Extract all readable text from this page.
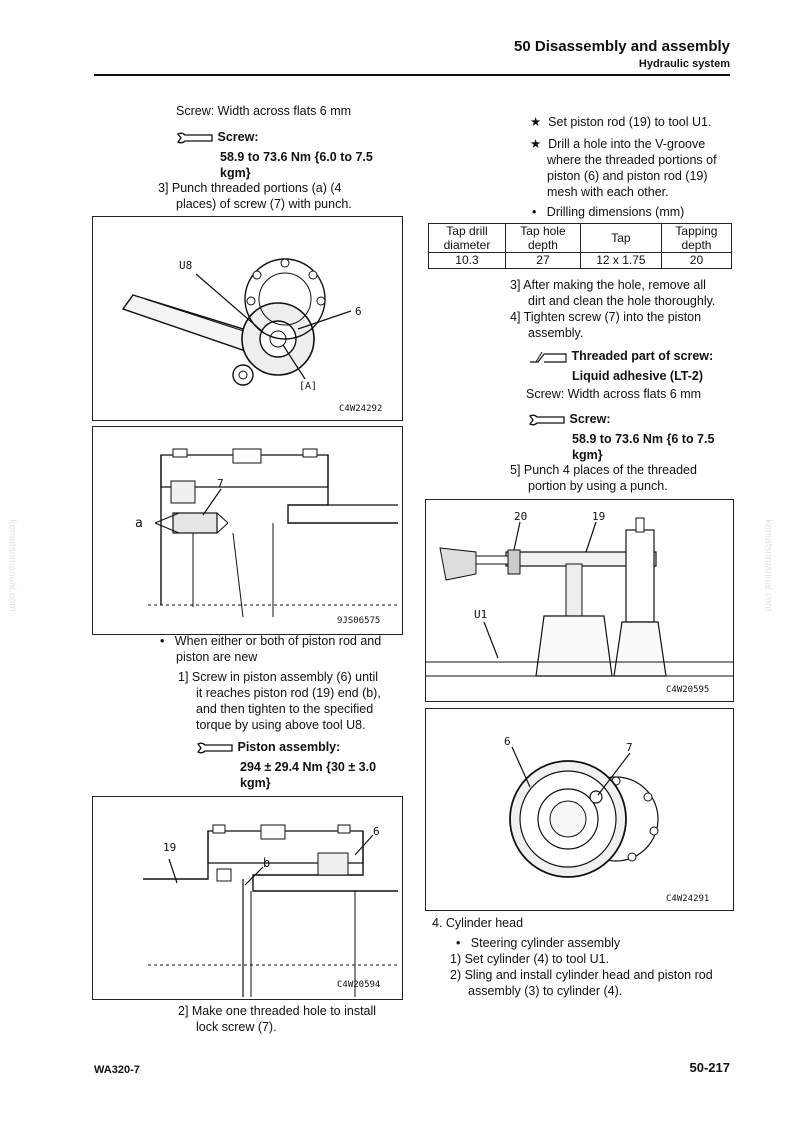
50 Disassembly and assembly
Hydraulic system
komatsumanual.com	komatsumanual.com
Screw: Width across flats 6 mm
Screw:
58.9 to 73.6 Nm {6.0 to 7.5
kgm}
3] Punch threaded portions (a) (4
places) of screw (7) with punch.
U8
6
[A]
C4W24292
7
a
9JS06575
•   When either or both of piston rod and
piston are new
1] Screw in piston assembly (6) until
it reaches piston rod (19) end (b),
and then tighten to the specified
torque by using above tool U8.
Piston assembly:
294 ± 29.4 Nm {30 ± 3.0
kgm}
19
6
b
C4W20594
2] Make one threaded hole to install
lock screw (7).
★  Set piston rod (19) to tool U1.
★  Drill a hole into the V-groove
where the threaded portions of
piston (6) and piston rod (19)
mesh with each other.
•   Drilling dimensions (mm)
Tap drill
diameter	Tap hole
depth	Tap	Tapping
depth
10.3	27	12 x 1.75	20
3] After making the hole, remove all
dirt and clean the hole thoroughly.
4] Tighten screw (7) into the piston
assembly.
Threaded part of screw:
Liquid adhesive (LT-2)
Screw: Width across flats 6 mm
Screw:
58.9 to 73.6 Nm {6 to 7.5
kgm}
5] Punch 4 places of the threaded
portion by using a punch.
20	19
U1
C4W20595
6	7
C4W24291
4. Cylinder head
•   Steering cylinder assembly
1) Set cylinder (4) to tool U1.
2) Sling and install cylinder head and piston rod
assembly (3) to cylinder (4).
WA320-7	50-217
